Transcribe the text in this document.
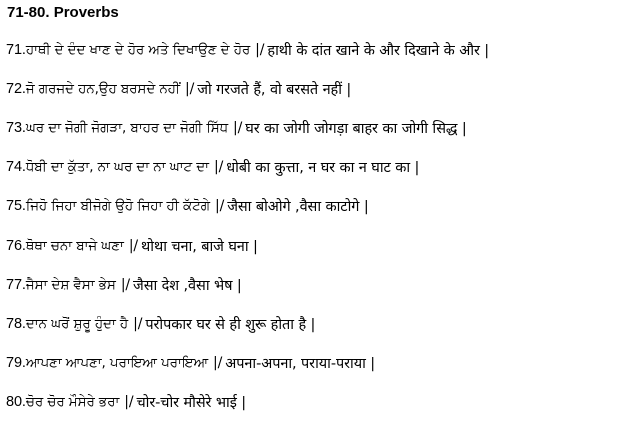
71-80. Proverbs
71. ਹਾਥੀ ਦੇ ਦੰਦ ਖਾਣ ਦੇ ਹੋਰ ਅਤੇ ਦਿਖਾਉਣ ਦੇ ਹੋਰ |/ हाथी के दांत खाने के और दिखाने के और |
72. ਜੋ ਗਰਜਦੇ ਹਨ,ਉਹ ਬਰਸਦੇ ਨਹੀਂ |/ जो गरजते हैं, वो बरसते नहीं |
73. ਘਰ ਦਾ ਜੋਗੀ ਜੋਗੜਾ, ਬਾਹਰ ਦਾ ਜੋਗੀ ਸਿੱਧ |/ घर का जोगी जोगड़ा बाहर का जोगी सिद्ध |
74. ਧੋਬੀ ਦਾ ਕੁੱਤਾ, ਨਾ ਘਰ ਦਾ ਨਾ ਘਾਟ ਦਾ |/ धोबी का कुत्ता, न घर का न घाट का |
75. ਜਿਹੋ ਜਿਹਾ ਬੀਜੋਗੇ ਉਹੋ ਜਿਹਾ ਹੀ ਕੱਟੋਗੇ |/ जैसा बोओगे ,वैसा काटोगे |
76. ਥੋਥਾ ਚਨਾ ਬਾਜੇ ਘਣਾ |/ थोथा चना, बाजे घना |
77. ਜੈਸਾ ਦੇਸ਼ ਵੈਸਾ ਭੇਸ |/ जैसा देश ,वैसा भेष |
78. ਦਾਨ ਘਰੋਂ ਸ਼ੁਰੂ ਹੁੰਦਾ ਹੈ |/ परोपकार घर से ही शुरू होता है |
79. ਆਪਣਾ ਆਪਣਾ, ਪਰਾਇਆ ਪਰਾਇਆ |/ अपना-अपना, पराया-पराया |
80. ਚੋਰ ਚੋਰ ਮੌਸੇਰੇ ਭਰਾ |/ चोर-चोर मौसेरे भाई |
